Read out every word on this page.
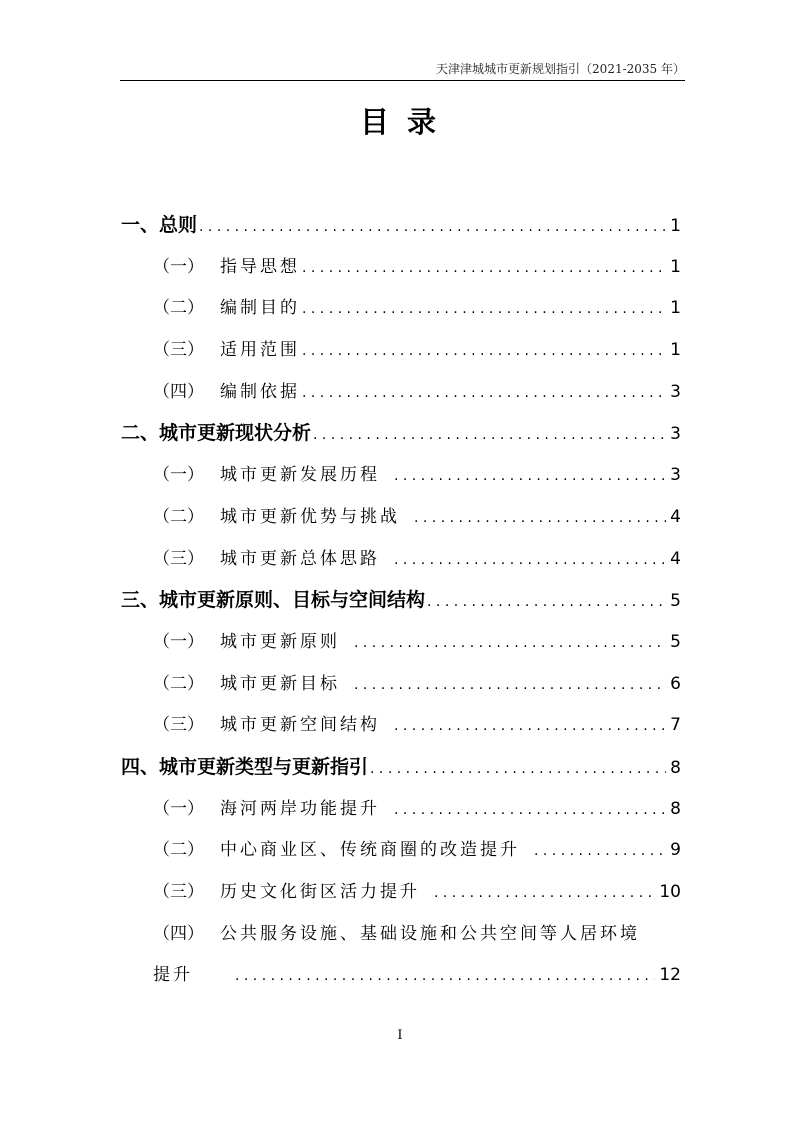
天津津城城市更新规划指引（2021-2035 年）
目 录
一、总则 . . .	1
（一） 指导思想 . . .	1
（二） 编制目的 . . .	1
（三） 适用范围 . . .	1
（四） 编制依据 . . .	3
二、城市更新现状分析 . . .	3
（一） 城市更新发展历程 . . .	3
（二） 城市更新优势与挑战 . . .	4
（三） 城市更新总体思路 . . .	4
三、城市更新原则、目标与空间结构 . . .	5
（一） 城市更新原则 . . .	5
（二） 城市更新目标 . . .	6
（三） 城市更新空间结构 . . .	7
四、城市更新类型与更新指引 . . .	8
（一） 海河两岸功能提升 . . .	8
（二） 中心商业区、传统商圈的改造提升 . . .	9
（三） 历史文化街区活力提升 . . .	10
（四） 公共服务设施、基础设施和公共空间等人居环境
提升 . . .	12
I
